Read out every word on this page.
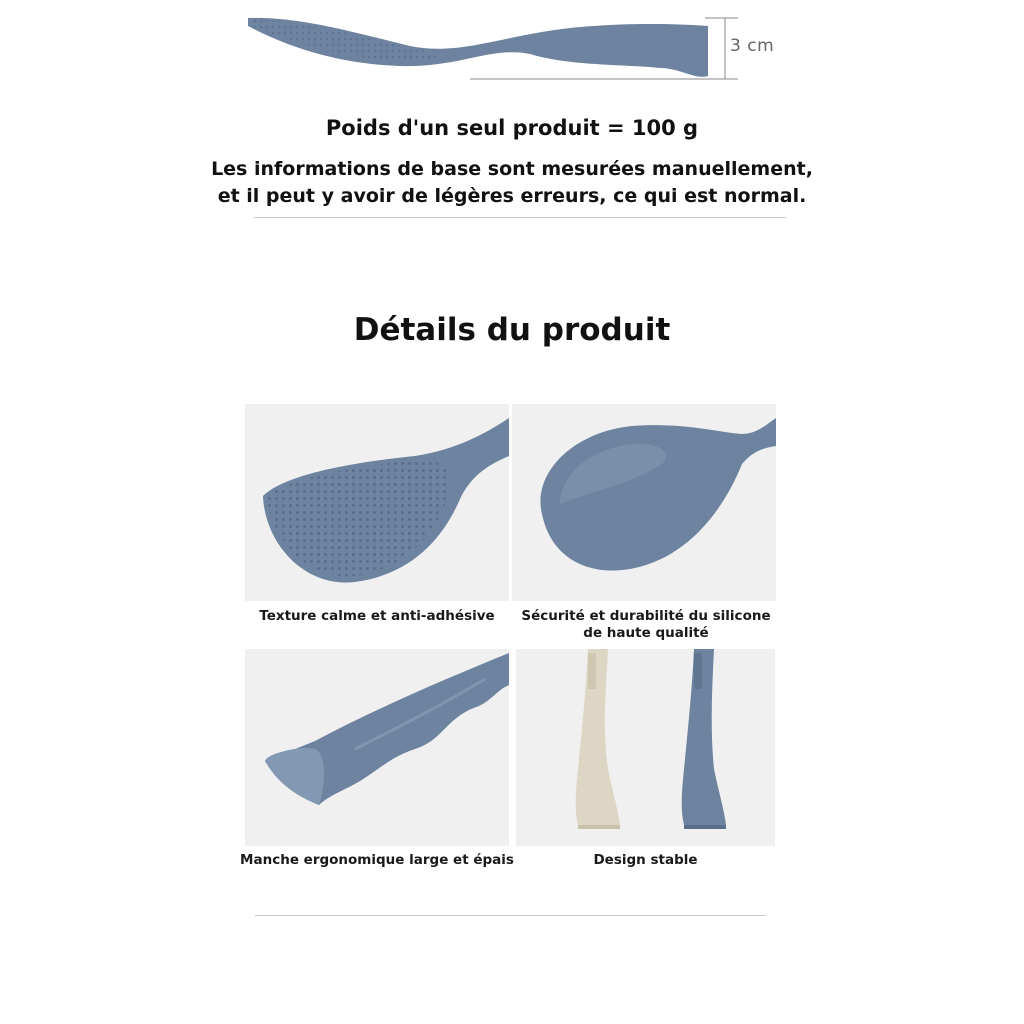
3 cm
Poids d'un seul produit = 100 g
Les informations de base sont mesurées manuellement,
et il peut y avoir de légères erreurs, ce qui est normal.
Détails du produit
Texture calme et anti-adhésive	Sécurité et durabilité du silicone
de haute qualité
Manche ergonomique large et épais	Design stable
